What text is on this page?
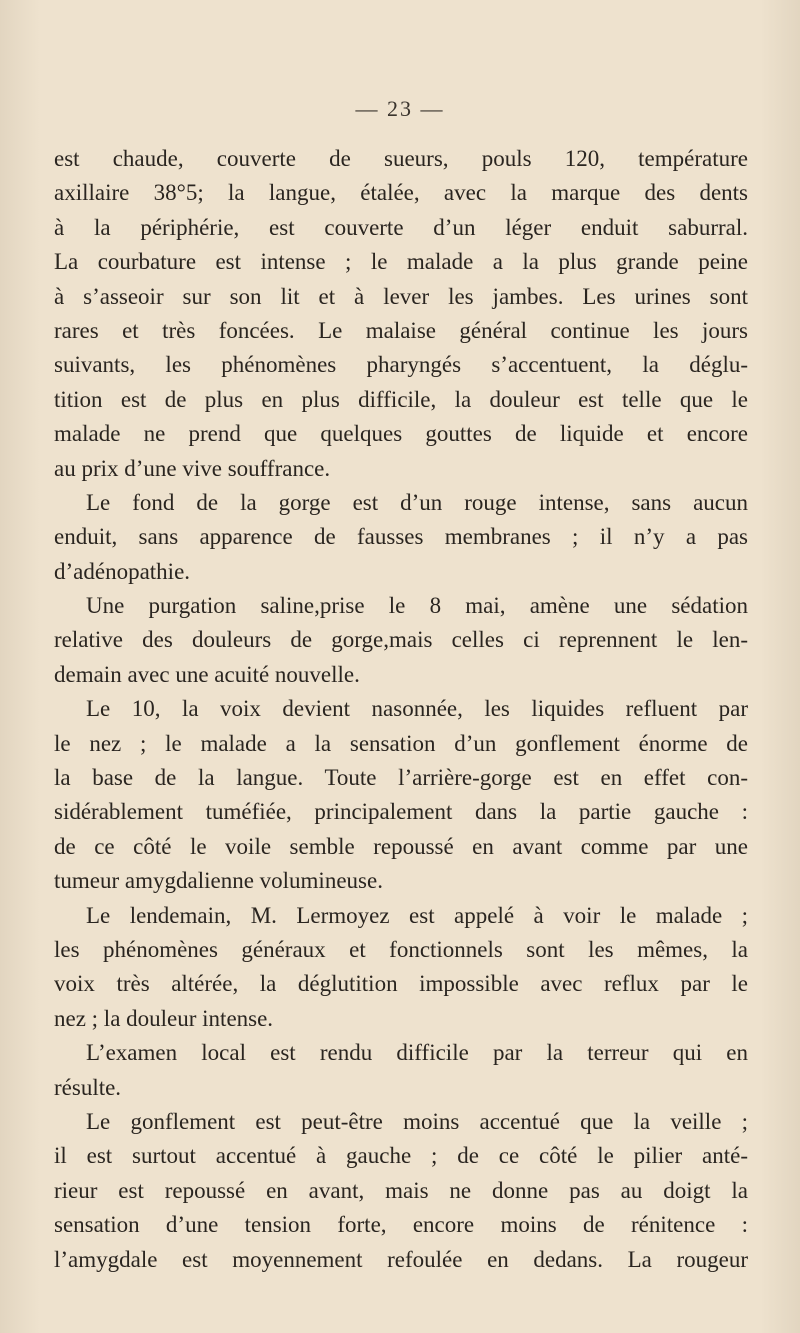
— 23 —
est chaude, couverte de sueurs, pouls 120, température
axillaire 38°5; la langue, étalée, avec la marque des dents
à la périphérie, est couverte d’un léger enduit saburral.
La courbature est intense ; le malade a la plus grande peine
à s’asseoir sur son lit et à lever les jambes. Les urines sont
rares et très foncées. Le malaise général continue les jours
suivants, les phénomènes pharyngés s’accentuent, la déglu-
tition est de plus en plus difficile, la douleur est telle que le
malade ne prend que quelques gouttes de liquide et encore
au prix d’une vive souffrance.
Le fond de la gorge est d’un rouge intense, sans aucun
enduit, sans apparence de fausses membranes ; il n’y a pas
d’adénopathie.
Une purgation saline,prise le 8 mai, amène une sédation
relative des douleurs de gorge,mais celles ci reprennent le len-
demain avec une acuité nouvelle.
Le 10, la voix devient nasonnée, les liquides refluent par
le nez ; le malade a la sensation d’un gonflement énorme de
la base de la langue. Toute l’arrière-gorge est en effet con-
sidérablement tuméfiée, principalement dans la partie gauche :
de ce côté le voile semble repoussé en avant comme par une
tumeur amygdalienne volumineuse.
Le lendemain, M. Lermoyez est appelé à voir le malade ;
les phénomènes généraux et fonctionnels sont les mêmes, la
voix très altérée, la déglutition impossible avec reflux par le
nez ; la douleur intense.
L’examen local est rendu difficile par la terreur qui en
résulte.
Le gonflement est peut-être moins accentué que la veille ;
il est surtout accentué à gauche ; de ce côté le pilier anté-
rieur est repoussé en avant, mais ne donne pas au doigt la
sensation d’une tension forte, encore moins de rénitence :
l’amygdale est moyennement refoulée en dedans. La rougeur
